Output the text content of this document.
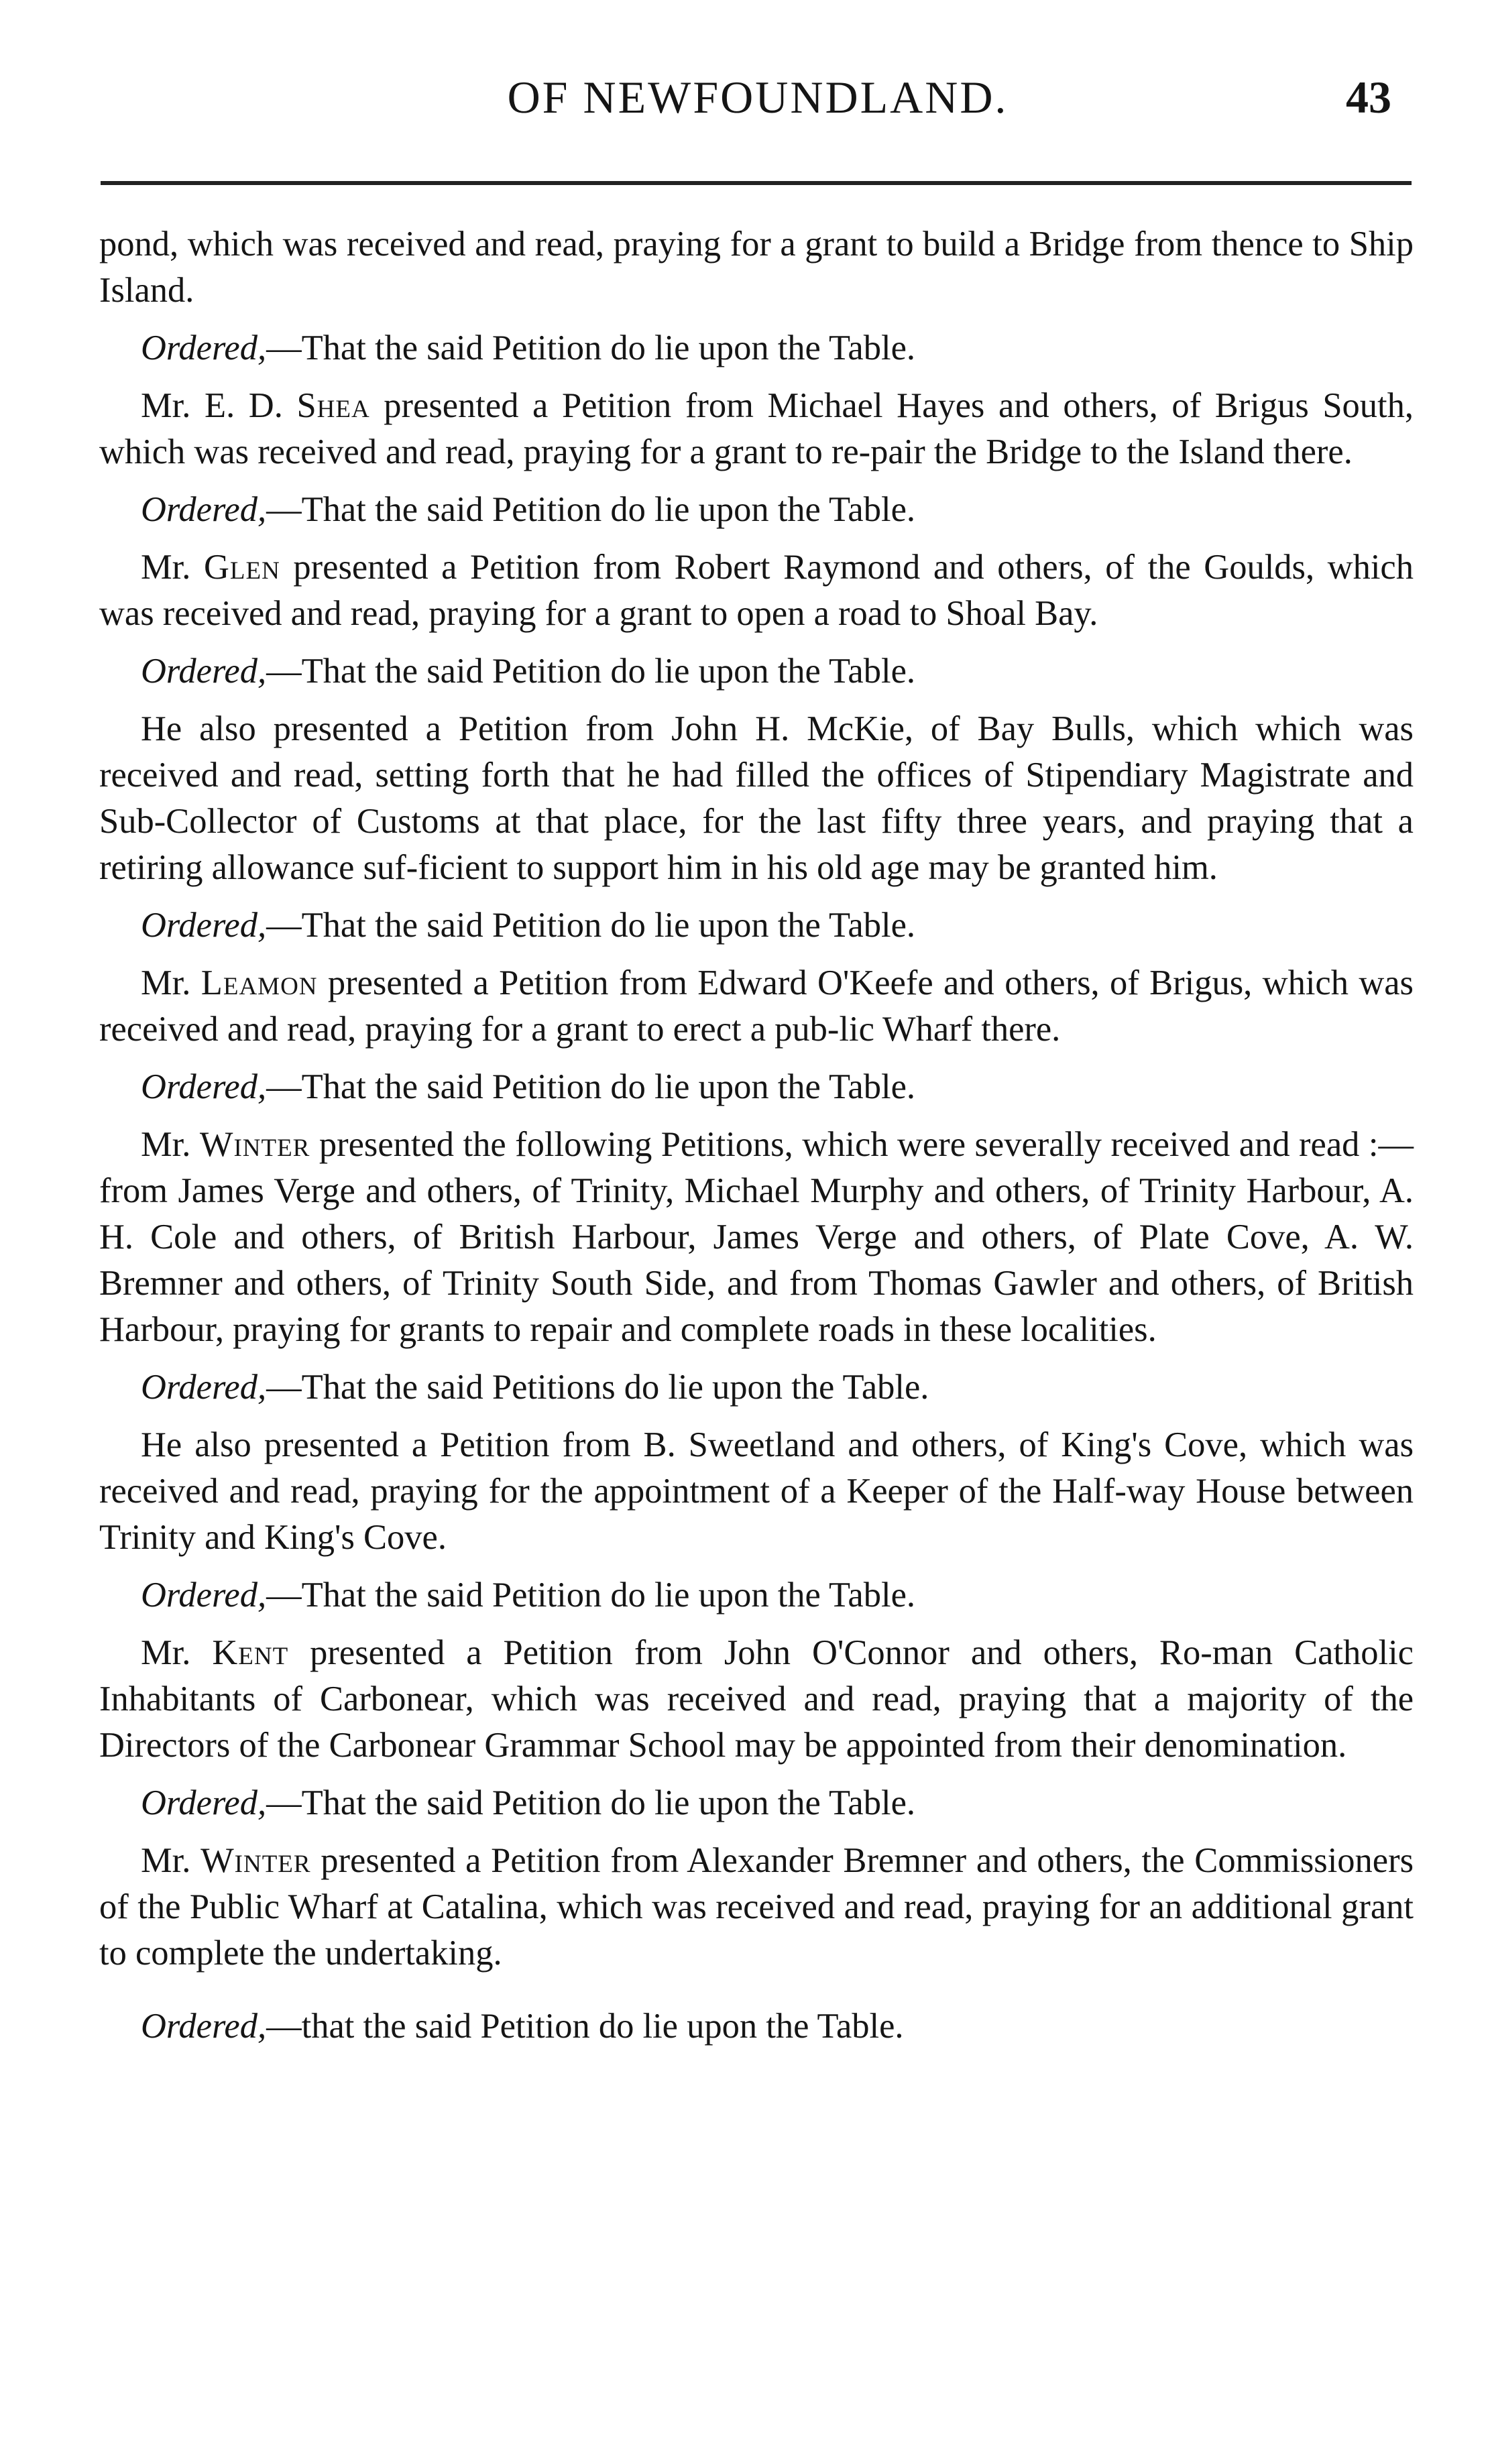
OF NEWFOUNDLAND.	43

pond, which was received and read, praying for a grant to build a Bridge from thence to Ship Island.

Ordered,—That the said Petition do lie upon the Table.

Mr. E. D. Shea presented a Petition from Michael Hayes and others, of Brigus South, which was received and read, praying for a grant to re-pair the Bridge to the Island there.

Ordered,—That the said Petition do lie upon the Table.

Mr. Glen presented a Petition from Robert Raymond and others, of the Goulds, which was received and read, praying for a grant to open a road to Shoal Bay.

Ordered,—That the said Petition do lie upon the Table.

He also presented a Petition from John H. McKie, of Bay Bulls, which which was received and read, setting forth that he had filled the offices of Stipendiary Magistrate and Sub-Collector of Customs at that place, for the last fifty three years, and praying that a retiring allowance suf-ficient to support him in his old age may be granted him.

Ordered,—That the said Petition do lie upon the Table.

Mr. Leamon presented a Petition from Edward O'Keefe and others, of Brigus, which was received and read, praying for a grant to erect a pub-lic Wharf there.

Ordered,—That the said Petition do lie upon the Table.

Mr. Winter presented the following Petitions, which were severally received and read :—from James Verge and others, of Trinity, Michael Murphy and others, of Trinity Harbour, A. H. Cole and others, of British Harbour, James Verge and others, of Plate Cove, A. W. Bremner and others, of Trinity South Side, and from Thomas Gawler and others, of British Harbour, praying for grants to repair and complete roads in these localities.

Ordered,—That the said Petitions do lie upon the Table.

He also presented a Petition from B. Sweetland and others, of King's Cove, which was received and read, praying for the appointment of a Keeper of the Half-way House between Trinity and King's Cove.

Ordered,—That the said Petition do lie upon the Table.

Mr. Kent presented a Petition from John O'Connor and others, Ro-man Catholic Inhabitants of Carbonear, which was received and read, praying that a majority of the Directors of the Carbonear Grammar School may be appointed from their denomination.

Ordered,—That the said Petition do lie upon the Table.

Mr. Winter presented a Petition from Alexander Bremner and others, the Commissioners of the Public Wharf at Catalina, which was received and read, praying for an additional grant to complete the undertaking.

Ordered,—that the said Petition do lie upon the Table.
